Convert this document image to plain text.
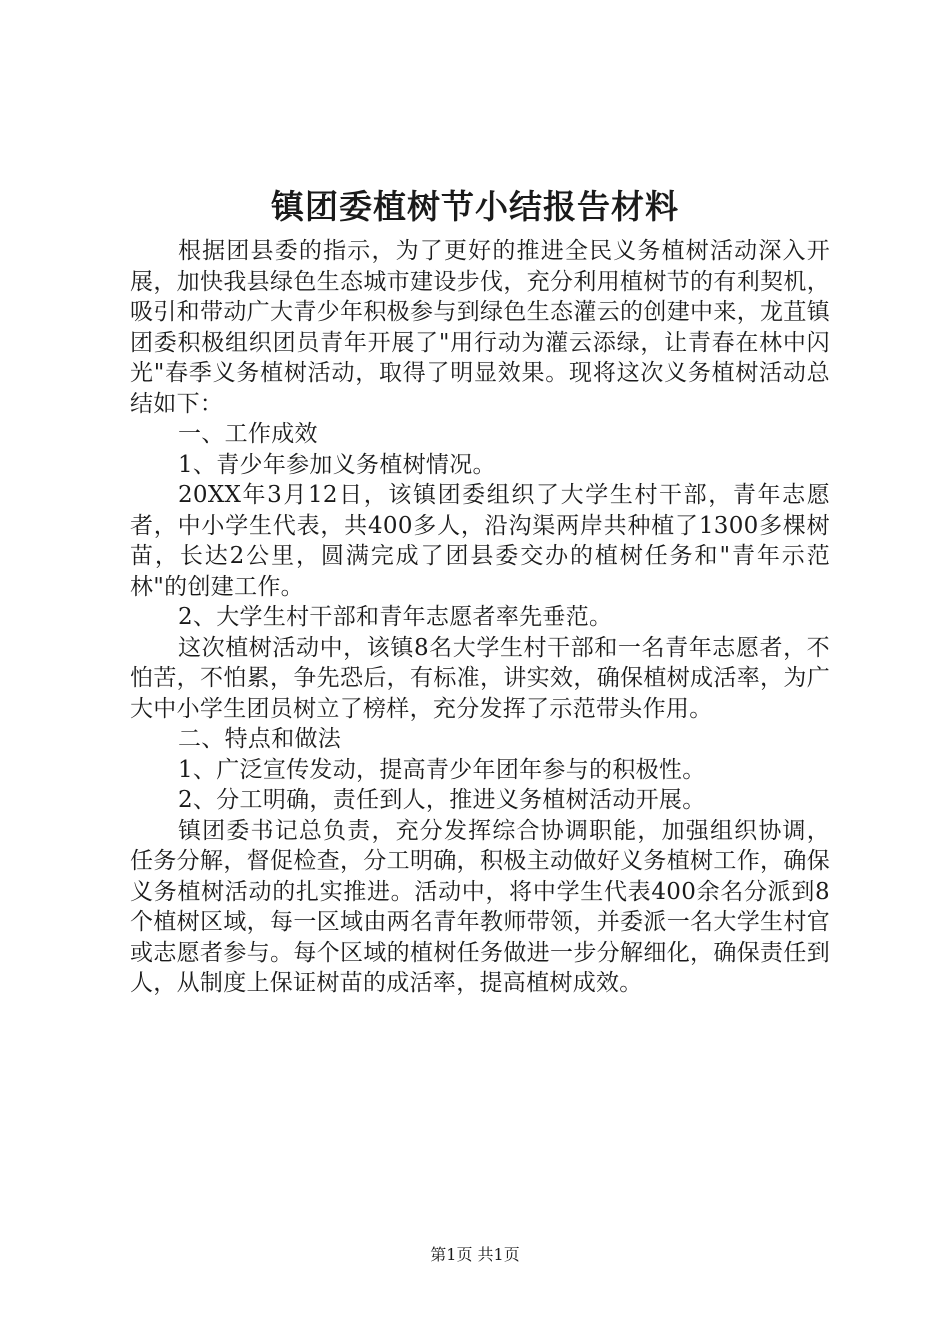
镇团委植树节小结报告材料

根据团县委的指示，为了更好的推进全民义务植树活动深入开展，加快我县绿色生态城市建设步伐，充分利用植树节的有利契机，吸引和带动广大青少年积极参与到绿色生态灌云的创建中来，龙苴镇团委积极组织团员青年开展了"用行动为灌云添绿，让青春在林中闪光"春季义务植树活动，取得了明显效果。现将这次义务植树活动总结如下：

一、工作成效

1、青少年参加义务植树情况。

20XX年3月12日，该镇团委组织了大学生村干部，青年志愿者，中小学生代表，共400多人，沿沟渠两岸共种植了1300多棵树苗，长达2公里，圆满完成了团县委交办的植树任务和"青年示范林"的创建工作。

2、大学生村干部和青年志愿者率先垂范。

这次植树活动中，该镇8名大学生村干部和一名青年志愿者，不怕苦，不怕累，争先恐后，有标准，讲实效，确保植树成活率，为广大中小学生团员树立了榜样，充分发挥了示范带头作用。

二、特点和做法

1、广泛宣传发动，提高青少年团年参与的积极性。

2、分工明确，责任到人，推进义务植树活动开展。

镇团委书记总负责，充分发挥综合协调职能，加强组织协调，任务分解，督促检查，分工明确，积极主动做好义务植树工作，确保义务植树活动的扎实推进。活动中，将中学生代表400余名分派到8个植树区域，每一区域由两名青年教师带领，并委派一名大学生村官或志愿者参与。每个区域的植树任务做进一步分解细化，确保责任到人，从制度上保证树苗的成活率，提高植树成效。

第1页 共1页
